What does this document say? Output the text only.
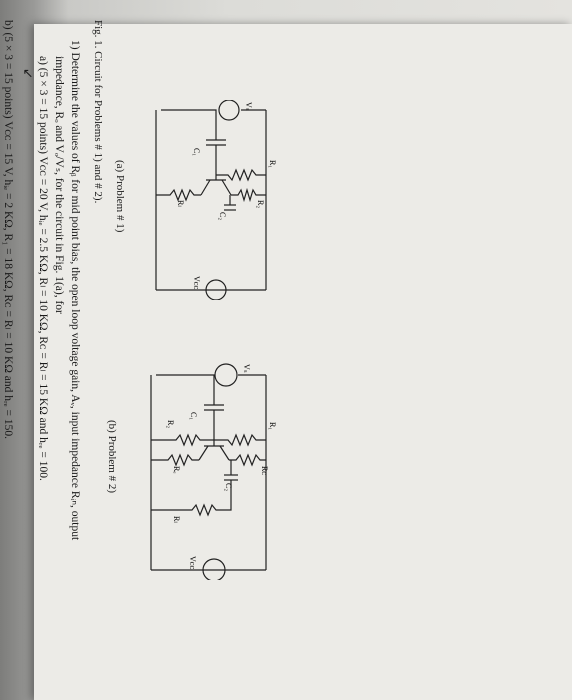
Vₛ
C₁
R₁
R₂
C₂
Rₗ
Vᴄᴄ
(a) Problem # 1)
Vₛ
C₁
R₁
Rᴄ
C₂
R₂
Rₑ
Rₗ
Vᴄᴄ
(b) Problem # 2)
Fig. 1. Circuit for Problems # 1) and # 2).
1) Determine the values of Rᵦ for mid point bias, the open loop voltage gain, Aᵥ, input impedance Rᵢₙ, output
impedance, Rₒ and Vₒ/Vₛ, for the circuit in Fig. 1(a), for
a) (5 × 3 = 15 points) Vᴄᴄ = 20 V, hᵢₑ = 2.5 KΩ, Rₗ = 10 KΩ, Rᴄ = Rₗ = 15 KΩ and hᵣₑ = 100.
↖
b) (5 × 3 = 15 points) Vᴄᴄ = 15 V, hᵢₑ = 2 KΩ, R₁ = 18 KΩ, Rᴄ = Rₗ = 10 KΩ and hᵣₑ = 150.
